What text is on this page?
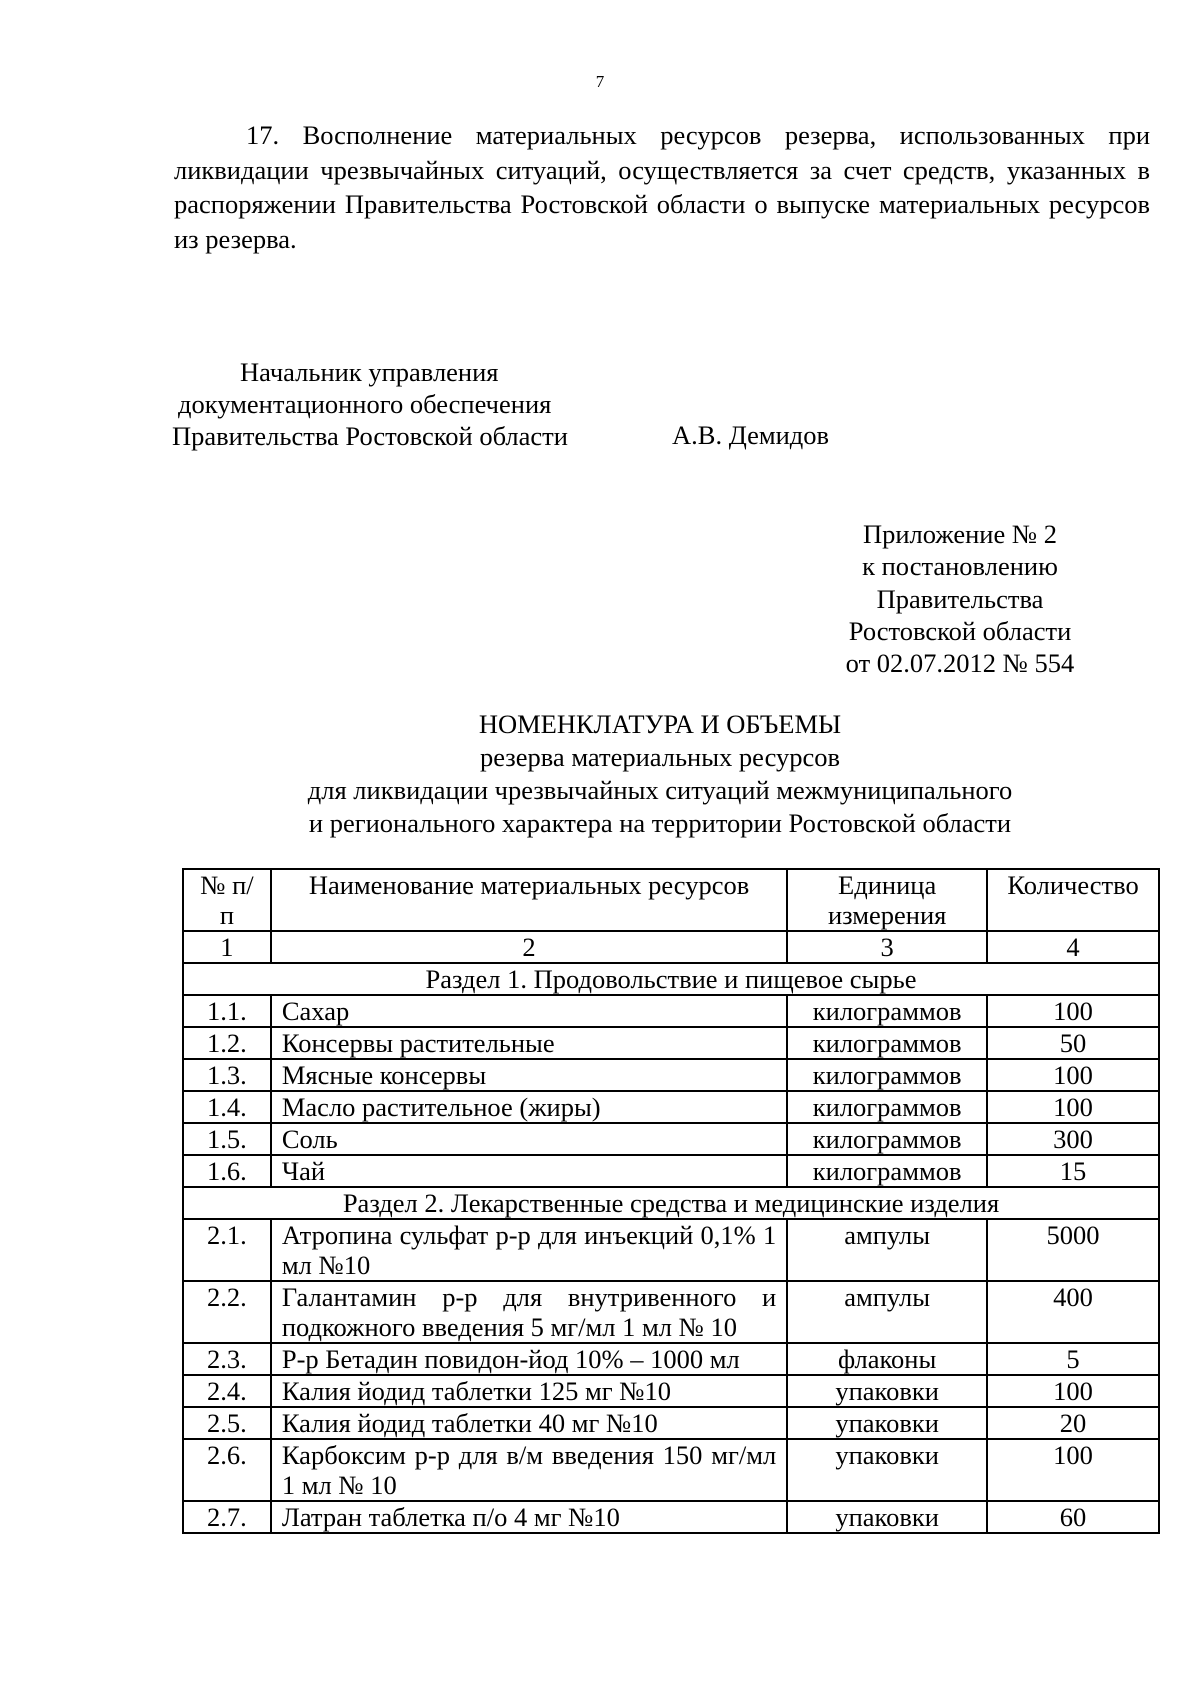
7
17. Восполнение материальных ресурсов резерва, использованных при ликвидации чрезвычайных ситуаций, осуществляется за счет средств, указанных в распоряжении Правительства Ростовской области о выпуске материальных ресурсов из резерва.
Начальник управления
документационного обеспечения
Правительства Ростовской области	А.В. Демидов
Приложение № 2
к постановлению
Правительства
Ростовской области
от 02.07.2012 № 554
НОМЕНКЛАТУРА И ОБЪЕМЫ
резерва материальных ресурсов
для ликвидации чрезвычайных ситуаций межмуниципального
и регионального характера на территории Ростовской области
№ п/п	Наименование материальных ресурсов	Единица измерения	Количество
1	2	3	4
Раздел 1. Продовольствие и пищевое сырье			
1.1.	Сахар	килограммов	100
1.2.	Консервы растительные	килограммов	50
1.3.	Мясные консервы	килограммов	100
1.4.	Масло растительное (жиры)	килограммов	100
1.5.	Соль	килограммов	300
1.6.	Чай	килограммов	15
Раздел 2. Лекарственные средства и медицинские изделия			
2.1.	Атропина сульфат р-р для инъекций 0,1% 1 мл №10	ампулы	5000
2.2.	Галантамин р-р для внутривенного и подкожного введения 5 мг/мл 1 мл № 10	ампулы	400
2.3.	Р-р Бетадин повидон-йод 10% – 1000 мл	флаконы	5
2.4.	Калия йодид таблетки 125 мг №10	упаковки	100
2.5.	Калия йодид таблетки 40 мг №10	упаковки	20
2.6.	Карбоксим р-р для в/м введения 150 мг/мл 1 мл № 10	упаковки	100
2.7.	Латран таблетка п/о 4 мг №10	упаковки	60
